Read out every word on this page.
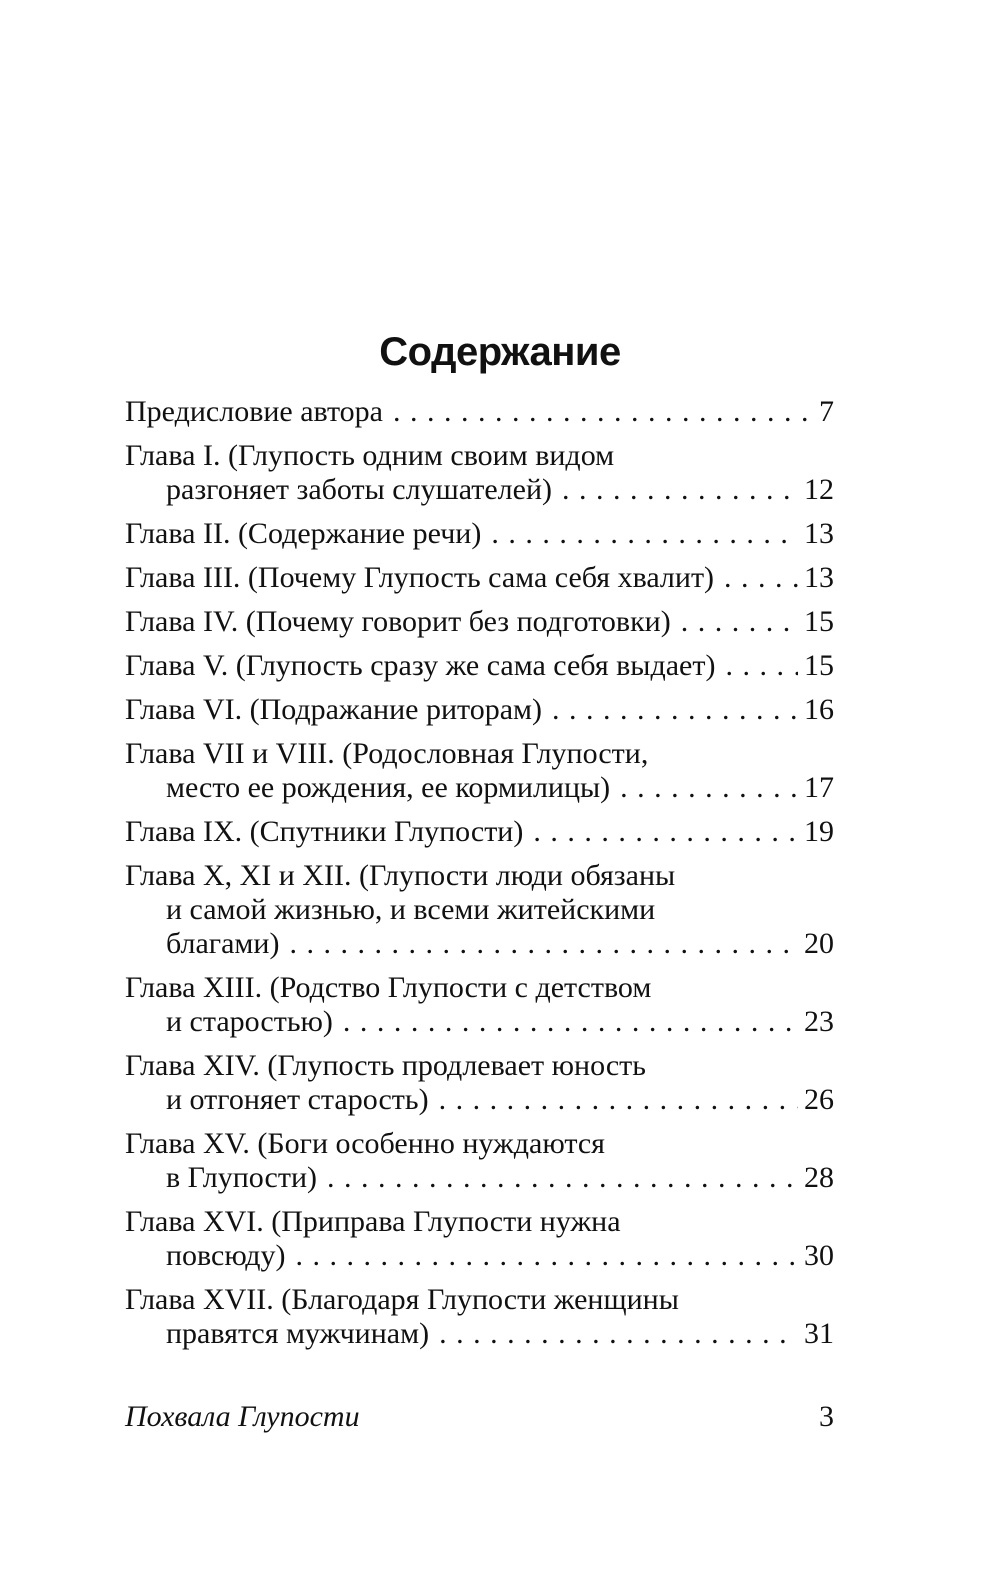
Содержание
Предисловие автора . . .	7
Глава I. (Глупость одним своим видом
разгоняет заботы слушателей) . . .	12
Глава II. (Содержание речи) . . .	13
Глава III. (Почему Глупость сама себя хвалит) . . .	13
Глава IV. (Почему говорит без подготовки) . . .	15
Глава V. (Глупость сразу же сама себя выдает) . . .	15
Глава VI. (Подражание риторам) . . .	16
Глава VII и VIII. (Родословная Глупости,
место ее рождения, ее кормилицы) . . .	17
Глава IX. (Спутники Глупости) . . .	19
Глава X, XI и XII. (Глупости люди обязаны
и самой жизнью, и всеми житейскими
благами) . . .	20
Глава XIII. (Родство Глупости с детством
и старостью) . . .	23
Глава XIV. (Глупость продлевает юность
и отгоняет старость) . . .	26
Глава XV. (Боги особенно нуждаются
в Глупости) . . .	28
Глава XVI. (Приправа Глупости нужна
повсюду) . . .	30
Глава XVII. (Благодаря Глупости женщины
правятся мужчинам) . . .	31
Похвала Глупости	3
